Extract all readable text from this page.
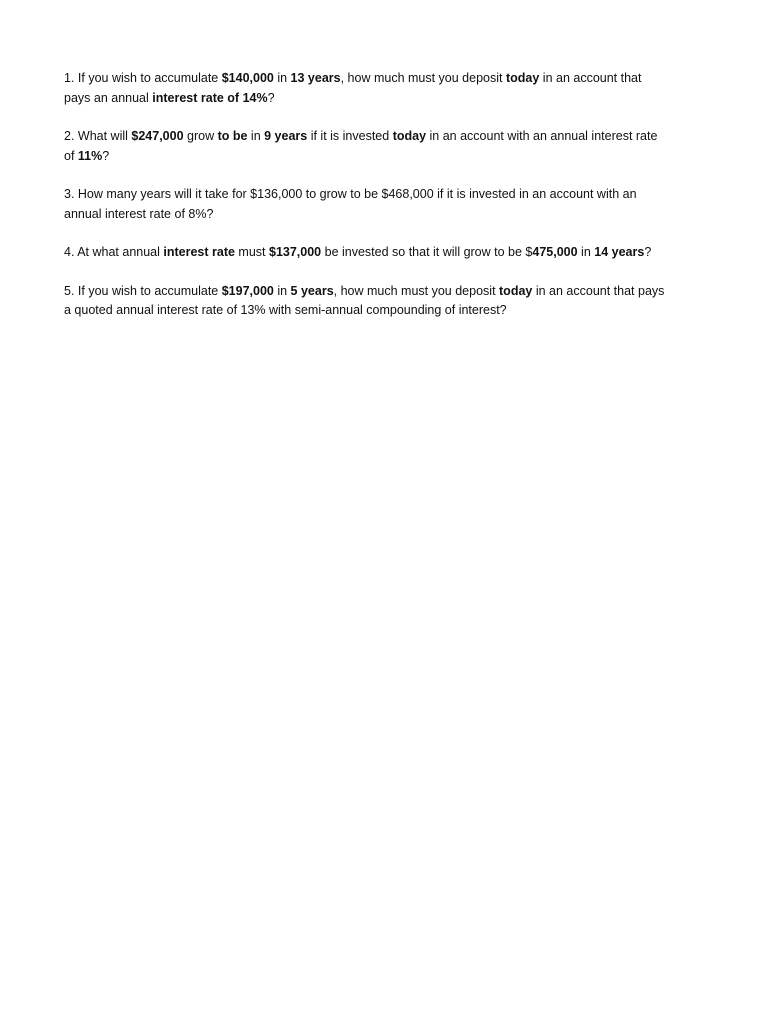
1. If you wish to accumulate $140,000 in 13 years, how much must you deposit today in an account that pays an annual interest rate of 14%?

2. What will $247,000 grow to be in 9 years if it is invested today in an account with an annual interest rate of 11%?

3. How many years will it take for $136,000 to grow to be $468,000 if it is invested in an account with an annual interest rate of 8%?

4. At what annual interest rate must $137,000 be invested so that it will grow to be $475,000 in 14 years?

5. If you wish to accumulate $197,000 in 5 years, how much must you deposit today in an account that pays a quoted annual interest rate of 13% with semi-annual compounding of interest?
